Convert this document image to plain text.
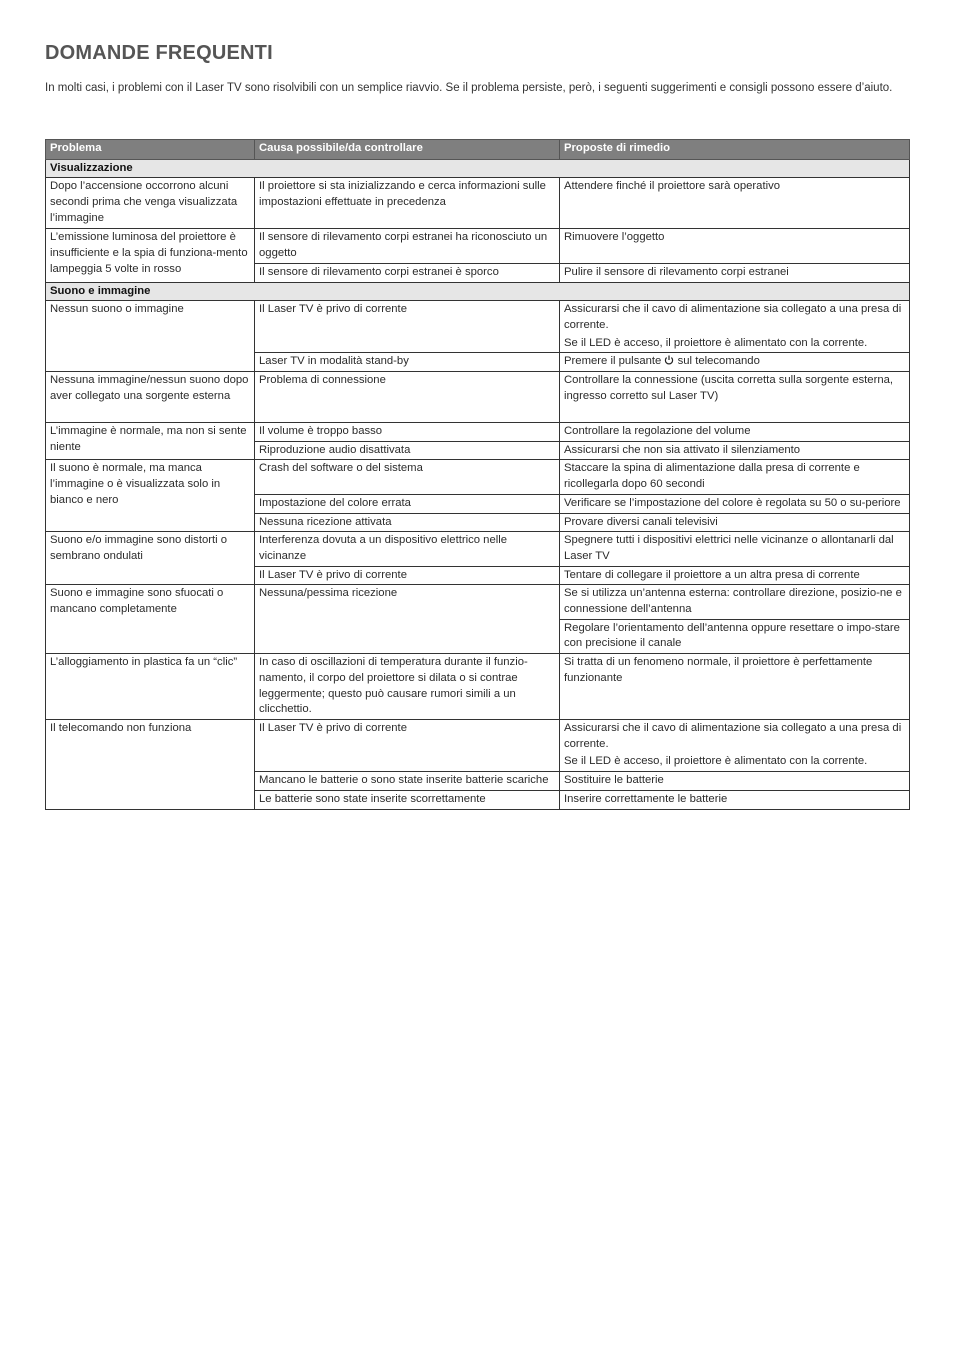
DOMANDE FREQUENTI

In molti casi, i problemi con il Laser TV sono risolvibili con un semplice riavvio. Se il problema persiste, però, i seguenti suggerimenti e consigli possono essere d’aiuto.

Problema	Causa possibile/da controllare	Proposte di rimedio
Visualizzazione		
Dopo l’accensione occorrono alcuni secondi prima che venga visualizzata l’immagine	Il proiettore si sta inizializzando e cerca informazioni sulle impostazioni effettuate in precedenza	Attendere finché il proiettore sarà operativo
L’emissione luminosa del proiettore è insufficiente e la spia di funziona-mento lampeggia 5 volte in rosso	Il sensore di rilevamento corpi estranei ha riconosciuto un oggetto	Rimuovere l’oggetto
	Il sensore di rilevamento corpi estranei è sporco	Pulire il sensore di rilevamento corpi estranei
Suono e immagine		
Nessun suono o immagine	Il Laser TV è privo di corrente	Assicurarsi che il cavo di alimentazione sia collegato a una presa di corrente.
Se il LED è acceso, il proiettore è alimentato con la corrente.

	Laser TV in modalità stand-by	Premere il pulsante sul telecomando
Nessuna immagine/nessun suono dopo aver collegato una sorgente esterna	Problema di connessione	Controllare la connessione (uscita corretta sulla sorgente esterna, ingresso corretto sul Laser TV)
L’immagine è normale, ma non si sente niente	Il volume è troppo basso	Controllare la regolazione del volume
	Riproduzione audio disattivata	Assicurarsi che non sia attivato il silenziamento
Il suono è normale, ma manca l’immagine o è visualizzata solo in bianco e nero	Crash del software o del sistema	Staccare la spina di alimentazione dalla presa di corrente e ricollegarla dopo 60 secondi
	Impostazione del colore errata	Verificare se l’impostazione del colore è regolata su 50 o su-periore
	Nessuna ricezione attivata	Provare diversi canali televisivi
Suono e/o immagine sono distorti o sembrano ondulati	Interferenza dovuta a un dispositivo elettrico nelle vicinanze	Spegnere tutti i dispositivi elettrici nelle vicinanze o allontanarli dal Laser TV
	Il Laser TV è privo di corrente	Tentare di collegare il proiettore a un altra presa di corrente
Suono e immagine sono sfuocati o mancano completamente	Nessuna/pessima ricezione	Se si utilizza un’antenna esterna: controllare direzione, posizio-ne e connessione dell’antenna
		Regolare l’orientamento dell’antenna oppure resettare o impo-stare con precisione il canale
L’alloggiamento in plastica fa un “clic”	In caso di oscillazioni di temperatura durante il funzio-namento, il corpo del proiettore si dilata o si contrae leggermente; questo può causare rumori simili a un clicchettio.	Si tratta di un fenomeno normale, il proiettore è perfettamente funzionante
Il telecomando non funziona	Il Laser TV è privo di corrente	Assicurarsi che il cavo di alimentazione sia collegato a una presa di corrente.
Se il LED è acceso, il proiettore è alimentato con la corrente.

	Mancano le batterie o sono state inserite batterie scariche	Sostituire le batterie
	Le batterie sono state inserite scorrettamente	Inserire correttamente le batterie
